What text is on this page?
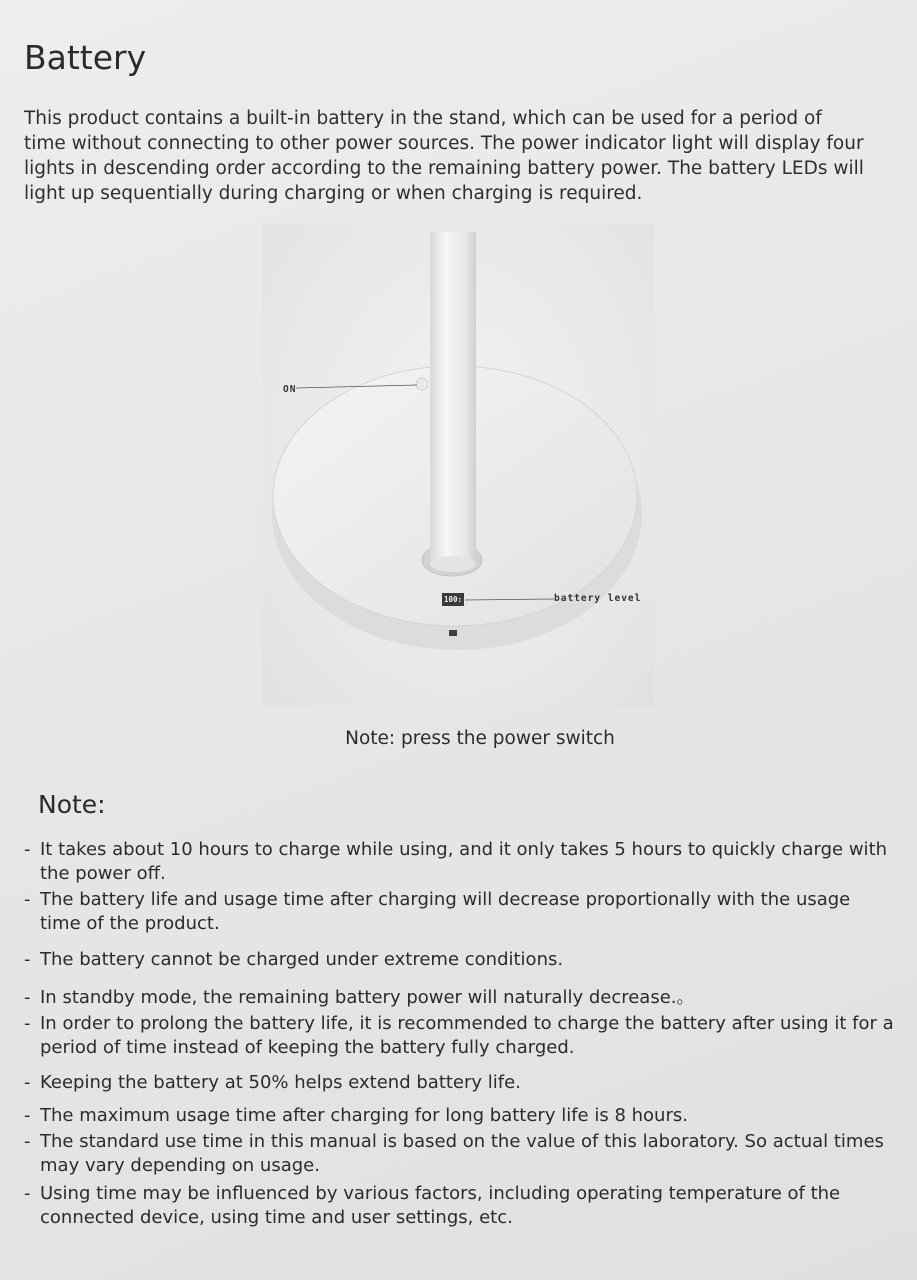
Battery

This product contains a built-in battery in the stand, which can be used for a period of time without connecting to other power sources. The power indicator light will display four lights in descending order according to the remaining battery power. The battery LEDs will light up sequentially during charging or when charging is required.

ON
100:	battery level

Note: press the power switch

Note:
- It takes about 10 hours to charge while using, and it only takes 5 hours to quickly charge with the power off.
- The battery life and usage time after charging will decrease proportionally with the usage time of the product.
- The battery cannot be charged under extreme conditions.
- In standby mode, the remaining battery power will naturally decrease.。
- In order to prolong the battery life, it is recommended to charge the battery after using it for a period of time instead of keeping the battery fully charged.
- Keeping the battery at 50% helps extend battery life.
- The maximum usage time after charging for long battery life is 8 hours.
- The standard use time in this manual is based on the value of this laboratory. So actual times may vary depending on usage.
- Using time may be influenced by various factors, including operating temperature of the connected device, using time and user settings, etc.
